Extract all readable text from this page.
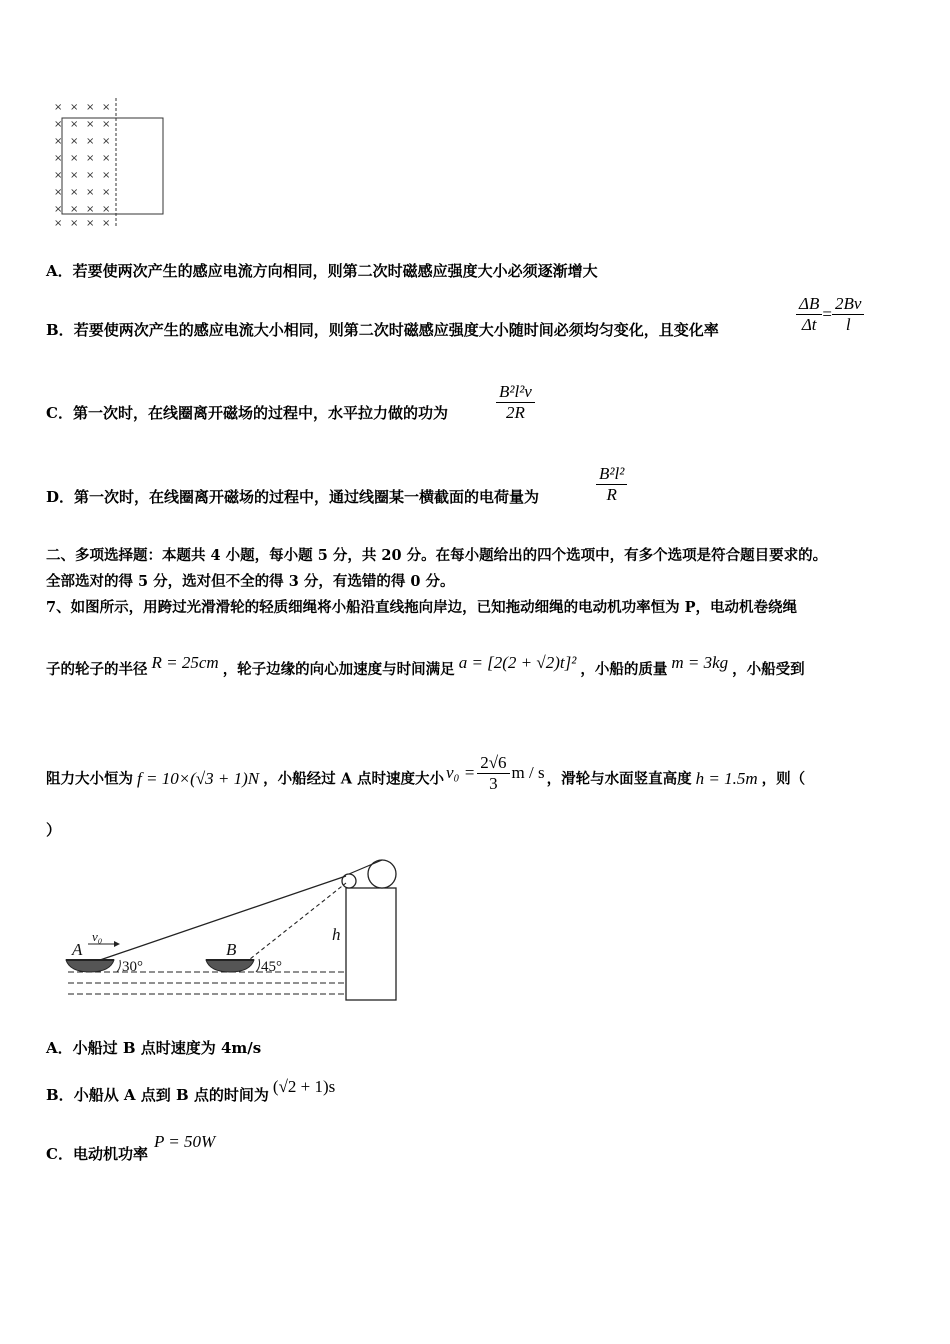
× × × ×
× × × ×
× × × ×
× × × ×
× × × ×
× × × ×
× × × ×
× × × ×
A．若要使两次产生的感应电流方向相同，则第二次时磁感应强度大小必须逐渐增大
B．若要使两次产生的感应电流大小相同，则第二次时磁感应强度大小随时间必须均匀变化，且变化率	$\frac{\Delta B}{\Delta t} = \frac{2Bv}{l}$
C．第一次时，在线圈离开磁场的过程中，水平拉力做的功为	$\frac{\text{B²l²v}}{2R}$
D．第一次时，在线圈离开磁场的过程中，通过线圈某一横截面的电荷量为	$\frac{\text{B²l²}}{R}$
二、多项选择题：本题共 4 小题，每小题 5 分，共 20 分。在每小题给出的四个选项中，有多个选项是符合题目要求的。
全部选对的得 5 分，选对但不全的得 3 分，有选错的得 0 分。
7、如图所示，用跨过光滑滑轮的轻质细绳将小船沿直线拖向岸边，已知拖动细绳的电动机功率恒为 P，电动机卷绕绳
子的轮子的半径 R = 25cm ，轮子边缘的向心加速度与时间满足 a = [2(2 + √2)t]² ，小船的质量 m = 3kg ，小船受到
阻力大小恒为 f = 10×(√3 + 1)N ，小船经过 A 点时速度大小 $v_0 = \frac{2√6}{3}$ m / s ，滑轮与水面竖直高度 h = 1.5m ，则（
）
A
v₀
B
30°	45°
h
A．小船过 B 点时速度为 4m/s
B．小船从 A 点到 B 点的时间为 (√2 + 1)s
C．电动机功率P = 50W
